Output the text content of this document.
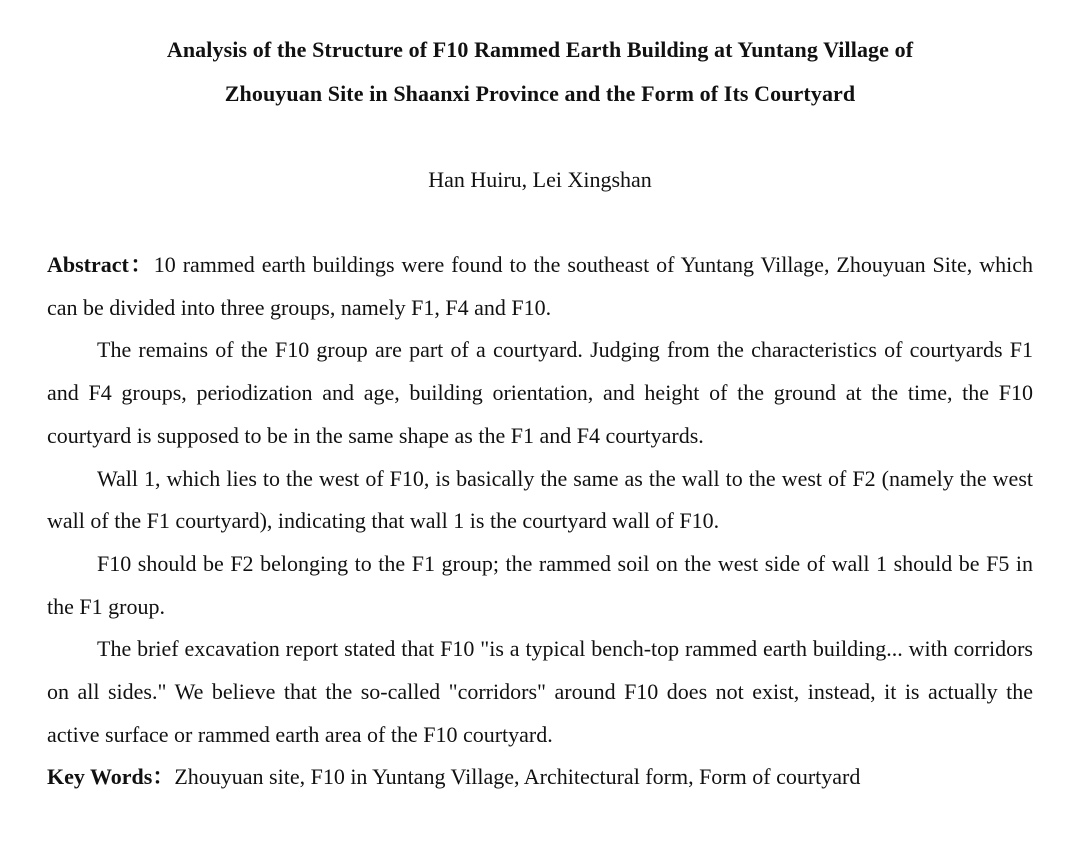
Analysis of the Structure of F10 Rammed Earth Building at Yuntang Village of
Zhouyuan Site in Shaanxi Province and the Form of Its Courtyard
Han Huiru, Lei Xingshan

Abstract：10 rammed earth buildings were found to the southeast of Yuntang Village, Zhouyuan Site, which can be divided into three groups, namely F1, F4 and F10.

The remains of the F10 group are part of a courtyard. Judging from the characteristics of courtyards F1 and F4 groups, periodization and age, building orientation, and height of the ground at the time, the F10 courtyard is supposed to be in the same shape as the F1 and F4 courtyards.

Wall 1, which lies to the west of F10, is basically the same as the wall to the west of F2 (namely the west wall of the F1 courtyard), indicating that wall 1 is the courtyard wall of F10.

F10 should be F2 belonging to the F1 group; the rammed soil on the west side of wall 1 should be F5 in the F1 group.

The brief excavation report stated that F10 "is a typical bench-top rammed earth building... with corridors on all sides." We believe that the so-called "corridors" around F10 does not exist, instead, it is actually the active surface or rammed earth area of the F10 courtyard.

Key Words：Zhouyuan site, F10 in Yuntang Village, Architectural form, Form of courtyard
